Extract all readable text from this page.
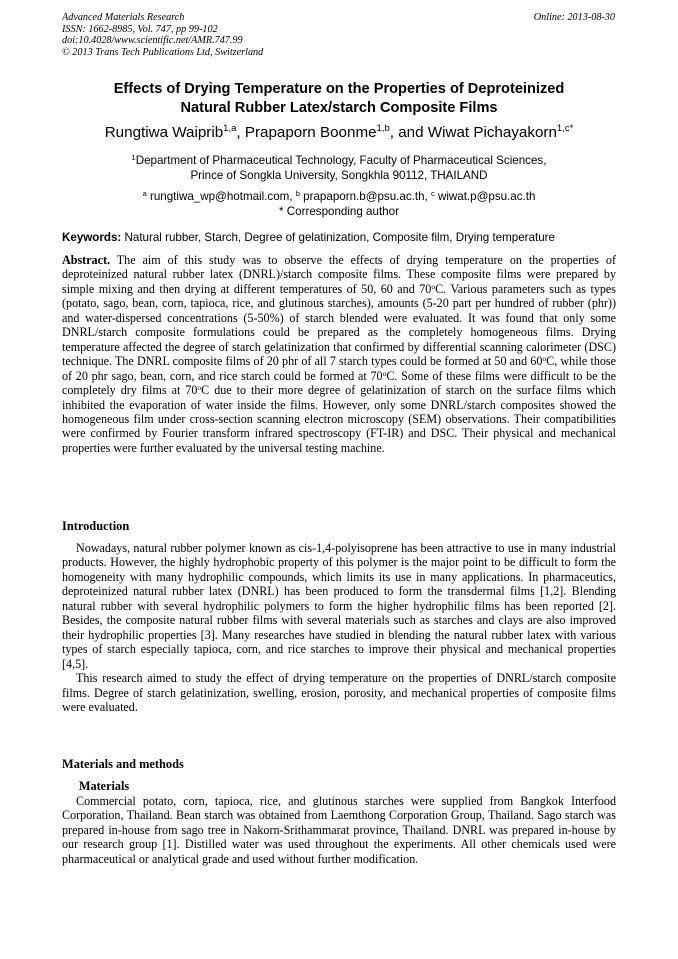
Advanced Materials Research
ISSN: 1662-8985, Vol. 747, pp 99-102
doi:10.4028/www.scientific.net/AMR.747.99
© 2013 Trans Tech Publications Ltd, Switzerland
Online: 2013-08-30
Effects of Drying Temperature on the Properties of Deproteinized
Natural Rubber Latex/starch Composite Films
Rungtiwa Waiprib$^{1,a}$, Prapaporn Boonme$^{1,b}$, and Wiwat Pichayakorn$^{1,c*}$
$^1$Department of Pharmaceutical Technology, Faculty of Pharmaceutical Sciences,
Prince of Songkla University, Songkhla 90112, THAILAND
$^a$ rungtiwa_wp@hotmail.com, $^b$ prapaporn.b@psu.ac.th, $^c$ wiwat.p@psu.ac.th
* Corresponding author
Keywords: Natural rubber, Starch, Degree of gelatinization, Composite film, Drying temperature

Abstract. The aim of this study was to observe the effects of drying temperature on the properties of deproteinized natural rubber latex (DNRL)/starch composite films. These composite films were prepared by simple mixing and then drying at different temperatures of 50, 60 and 70$^o$C. Various parameters such as types (potato, sago, bean, corn, tapioca, rice, and glutinous starches), amounts (5-20 part per hundred of rubber (phr)) and water-dispersed concentrations (5-50%) of starch blended were evaluated. It was found that only some DNRL/starch composite formulations could be prepared as the completely homogeneous films. Drying temperature affected the degree of starch gelatinization that confirmed by differential scanning calorimeter (DSC) technique. The DNRL composite films of 20 phr of all 7 starch types could be formed at 50 and 60$^o$C, while those of 20 phr sago, bean, corn, and rice starch could be formed at 70$^o$C. Some of these films were difficult to be the completely dry films at 70$^o$C due to their more degree of gelatinization of starch on the surface films which inhibited the evaporation of water inside the films. However, only some DNRL/starch composites showed the homogeneous film under cross-section scanning electron microscopy (SEM) observations. Their compatibilities were confirmed by Fourier transform infrared spectroscopy (FT-IR) and DSC. Their physical and mechanical properties were further evaluated by the universal testing machine.

Introduction

Nowadays, natural rubber polymer known as cis-1,4-polyisoprene has been attractive to use in many industrial products. However, the highly hydrophobic property of this polymer is the major point to be difficult to form the homogeneity with many hydrophilic compounds, which limits its use in many applications. In pharmaceutics, deproteinized natural rubber latex (DNRL) has been produced to form the transdermal films [1,2]. Blending natural rubber with several hydrophilic polymers to form the higher hydrophilic films has been reported [2]. Besides, the composite natural rubber films with several materials such as starches and clays are also improved their hydrophilic properties [3]. Many researches have studied in blending the natural rubber latex with various types of starch especially tapioca, corn, and rice starches to improve their physical and mechanical properties [4,5].

This research aimed to study the effect of drying temperature on the properties of DNRL/starch composite films. Degree of starch gelatinization, swelling, erosion, porosity, and mechanical properties of composite films were evaluated.

Materials and methods
Materials

Commercial potato, corn, tapioca, rice, and glutinous starches were supplied from Bangkok Interfood Corporation, Thailand. Bean starch was obtained from Laemthong Corporation Group, Thailand. Sago starch was prepared in-house from sago tree in Nakorn-Srithammarat province, Thailand. DNRL was prepared in-house by our research group [1]. Distilled water was used throughout the experiments. All other chemicals used were pharmaceutical or analytical grade and used without further modification.
